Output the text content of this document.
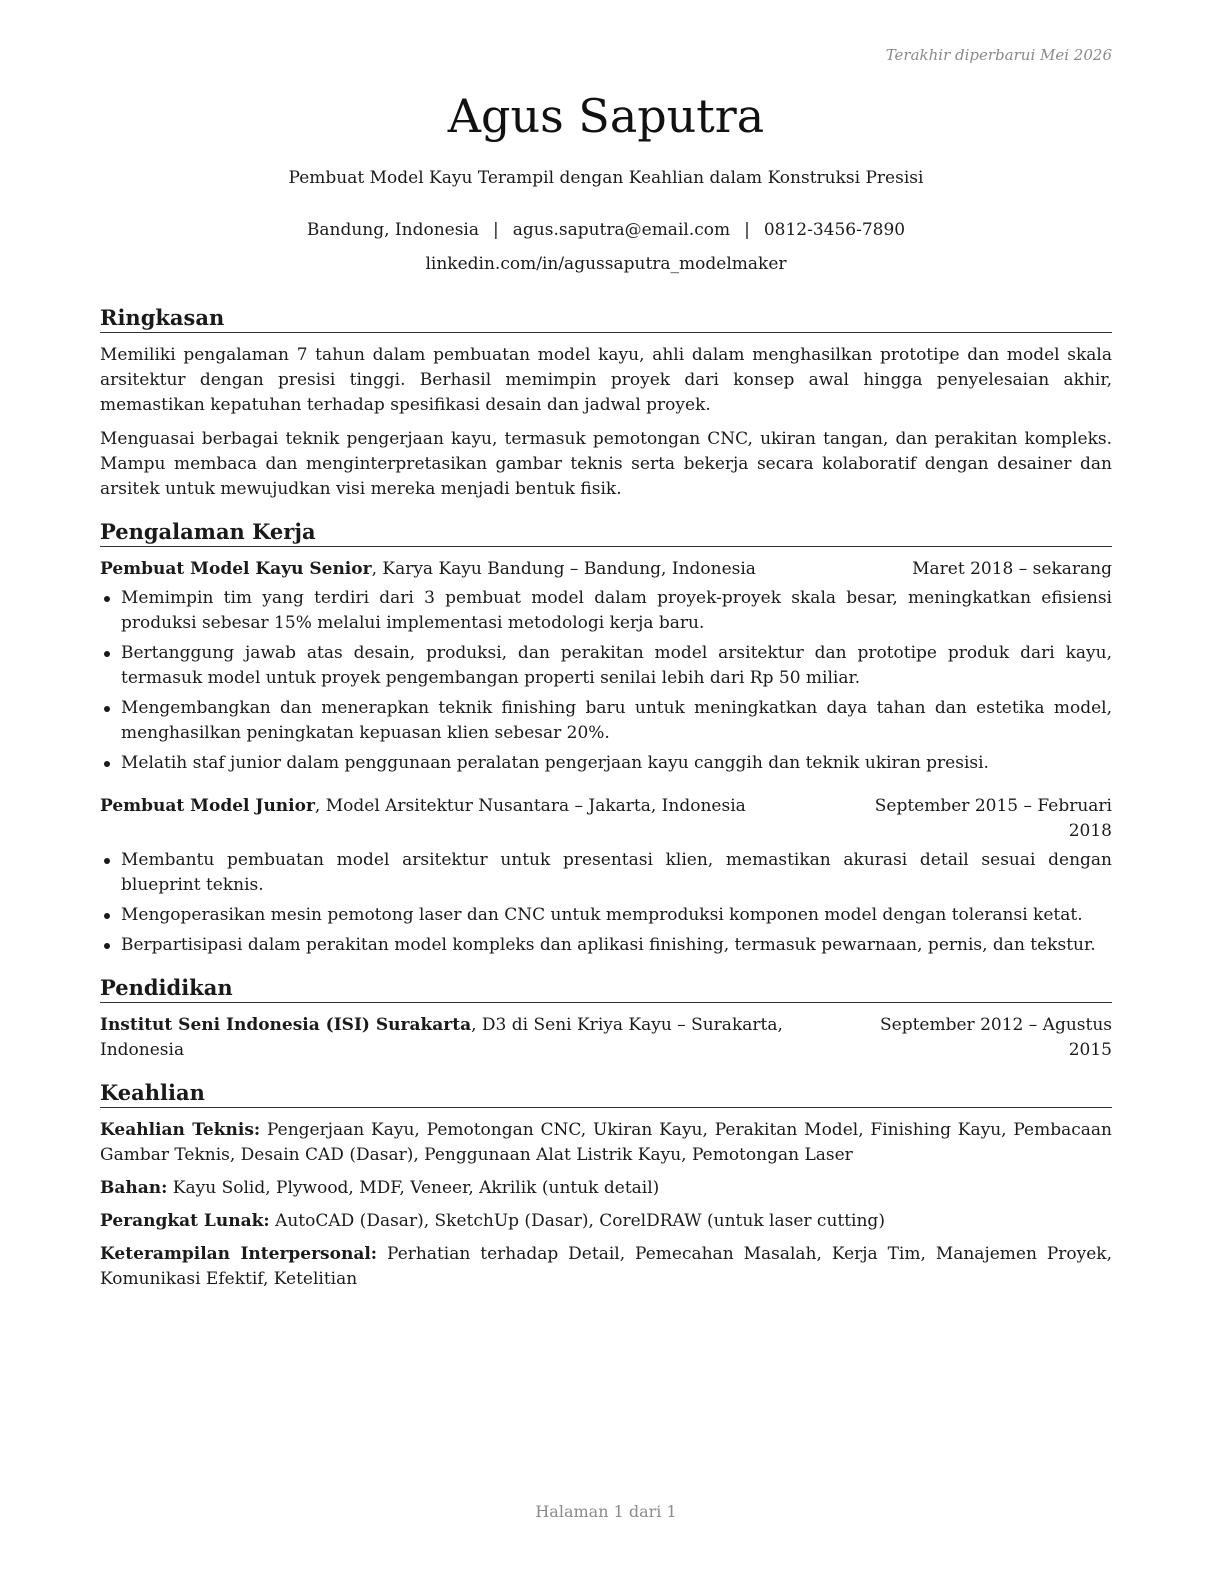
Terakhir diperbarui Mei 2026
Agus Saputra
Pembuat Model Kayu Terampil dengan Keahlian dalam Konstruksi Presisi
Bandung, Indonesia | agus.saputra@email.com | 0812-3456-7890
linkedin.com/in/agussaputra_modelmaker
Ringkasan

Memiliki pengalaman 7 tahun dalam pembuatan model kayu, ahli dalam menghasilkan prototipe dan model skala arsitektur dengan presisi tinggi. Berhasil memimpin proyek dari konsep awal hingga penyelesaian akhir, memastikan kepatuhan terhadap spesifikasi desain dan jadwal proyek.

Menguasai berbagai teknik pengerjaan kayu, termasuk pemotongan CNC, ukiran tangan, dan perakitan kompleks. Mampu membaca dan menginterpretasikan gambar teknis serta bekerja secara kolaboratif dengan desainer dan arsitek untuk mewujudkan visi mereka menjadi bentuk fisik.

Pengalaman Kerja
Pembuat Model Kayu Senior, Karya Kayu Bandung – Bandung, Indonesia	Maret 2018 – sekarang
Memimpin tim yang terdiri dari 3 pembuat model dalam proyek-proyek skala besar, meningkatkan efisiensi produksi sebesar 15% melalui implementasi metodologi kerja baru.
Bertanggung jawab atas desain, produksi, dan perakitan model arsitektur dan prototipe produk dari kayu, termasuk model untuk proyek pengembangan properti senilai lebih dari Rp 50 miliar.
Mengembangkan dan menerapkan teknik finishing baru untuk meningkatkan daya tahan dan estetika model, menghasilkan peningkatan kepuasan klien sebesar 20%.
Melatih staf junior dalam penggunaan peralatan pengerjaan kayu canggih dan teknik ukiran presisi.
Pembuat Model Junior, Model Arsitektur Nusantara – Jakarta, Indonesia	September 2015 – Februari 2018
Membantu pembuatan model arsitektur untuk presentasi klien, memastikan akurasi detail sesuai dengan blueprint teknis.
Mengoperasikan mesin pemotong laser dan CNC untuk memproduksi komponen model dengan toleransi ketat.
Berpartisipasi dalam perakitan model kompleks dan aplikasi finishing, termasuk pewarnaan, pernis, dan tekstur.
Pendidikan
Institut Seni Indonesia (ISI) Surakarta, D3 di Seni Kriya Kayu – Surakarta, Indonesia
September 2012 – Agustus 2015
Keahlian

Keahlian Teknis: Pengerjaan Kayu, Pemotongan CNC, Ukiran Kayu, Perakitan Model, Finishing Kayu, Pembacaan Gambar Teknis, Desain CAD (Dasar), Penggunaan Alat Listrik Kayu, Pemotongan Laser

Bahan: Kayu Solid, Plywood, MDF, Veneer, Akrilik (untuk detail)

Perangkat Lunak: AutoCAD (Dasar), SketchUp (Dasar), CorelDRAW (untuk laser cutting)

Keterampilan Interpersonal: Perhatian terhadap Detail, Pemecahan Masalah, Kerja Tim, Manajemen Proyek, Komunikasi Efektif, Ketelitian

Halaman 1 dari 1
